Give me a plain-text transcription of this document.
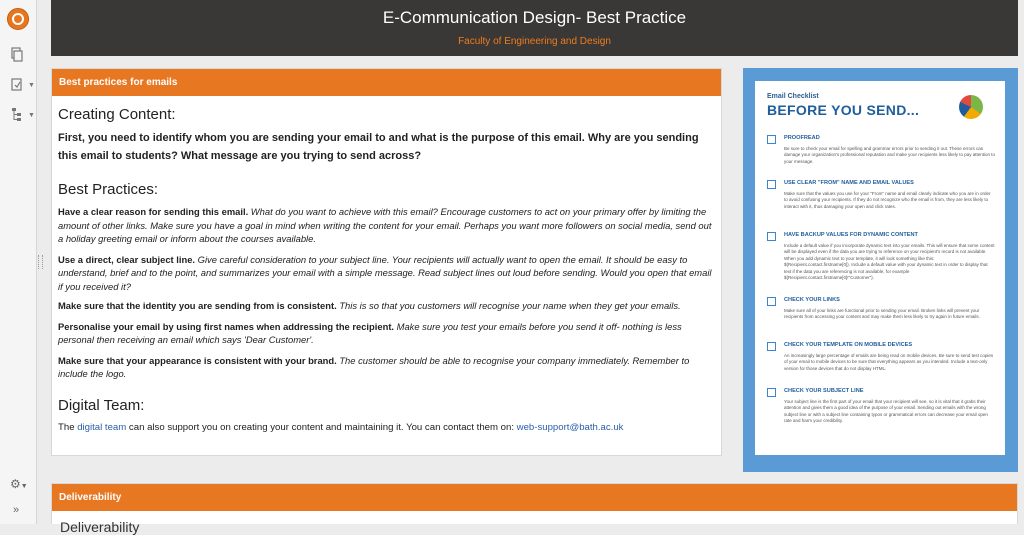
▼
▼
⚙▼
»
E-Communication Design- Best Practice
Faculty of Engineering and Design
Best practices for emails
Creating Content:

First, you need to identify whom you are sending your email to and what is the purpose of this email. Why are you sending this email to students? What message are you trying to send across?

Best Practices:

Have a clear reason for sending this email. What do you want to achieve with this email? Encourage customers to act on your primary offer by limiting the amount of other links. Make sure you have a goal in mind when writing the content for your email. Perhaps you want more followers on social media, send out a holiday greeting email or inform about the courses available.

Use a direct, clear subject line. Give careful consideration to your subject line. Your recipients will actually want to open the email. It should be easy to understand, brief and to the point, and summarizes your email with a simple message. Read subject lines out loud before sending. Would you open that email if you received it?

Make sure that the identity you are sending from is consistent. This is so that you customers will recognise your name when they get your emails.

Personalise your email by using first names when addressing the recipient. Make sure you test your emails before you send it off- nothing is less personal then receiving an email which says 'Dear Customer'.

Make sure that your appearance is consistent with your brand. The customer should be able to recognise your company immediately. Remember to include the logo.

Digital Team:

The digital team can also support you on creating your content and maintaining it. You can contact them on: web-support@bath.ac.uk

Email Checklist
BEFORE YOU SEND...
PROOFREAD
Be sure to check your email for spelling and grammar errors prior to sending it out. These errors can damage your organization's professional reputation and make your recipients less likely to pay attention to your message.
USE CLEAR "FROM" NAME AND EMAIL VALUES
Make sure that the values you use for your "From" name and email clearly indicate who you are in order to avoid confusing your recipients. If they do not recognize who the email is from, they are less likely to interact with it, thus damaging your open and click rates.
HAVE BACKUP VALUES FOR DYNAMIC CONTENT
Include a default value if you incorporate dynamic text into your emails. This will ensure that some content will be displayed even if the data you are trying to reference on your recipient's record is not available. When you add dynamic text to your template, it will look something like this: ${Recipient.contact.firstname[0]}. Include a default value with your dynamic text in order to display that text if the data you are referencing is not available, for example ${Recipient.contact.firstname[0]!"Customer"}.
CHECK YOUR LINKS
Make sure all of your links are functional prior to sending your email. Broken links will prevent your recipients from accessing your content and may make them less likely to try again in future emails.
CHECK YOUR TEMPLATE ON MOBILE DEVICES
An increasingly large percentage of emails are being read on mobile devices. Be sure to send test copies of your email to mobile devices to be sure that everything appears as you intended. Include a text-only version for those devices that do not display HTML.
CHECK YOUR SUBJECT LINE
Your subject line is the first part of your email that your recipient will see, so it is vital that it grabs their attention and gives them a good idea of the purpose of your email. Sending out emails with the wrong subject line or with a subject line containing typos or grammatical errors can decrease your email open rate and harm your credibility.
Deliverability
Deliverability
